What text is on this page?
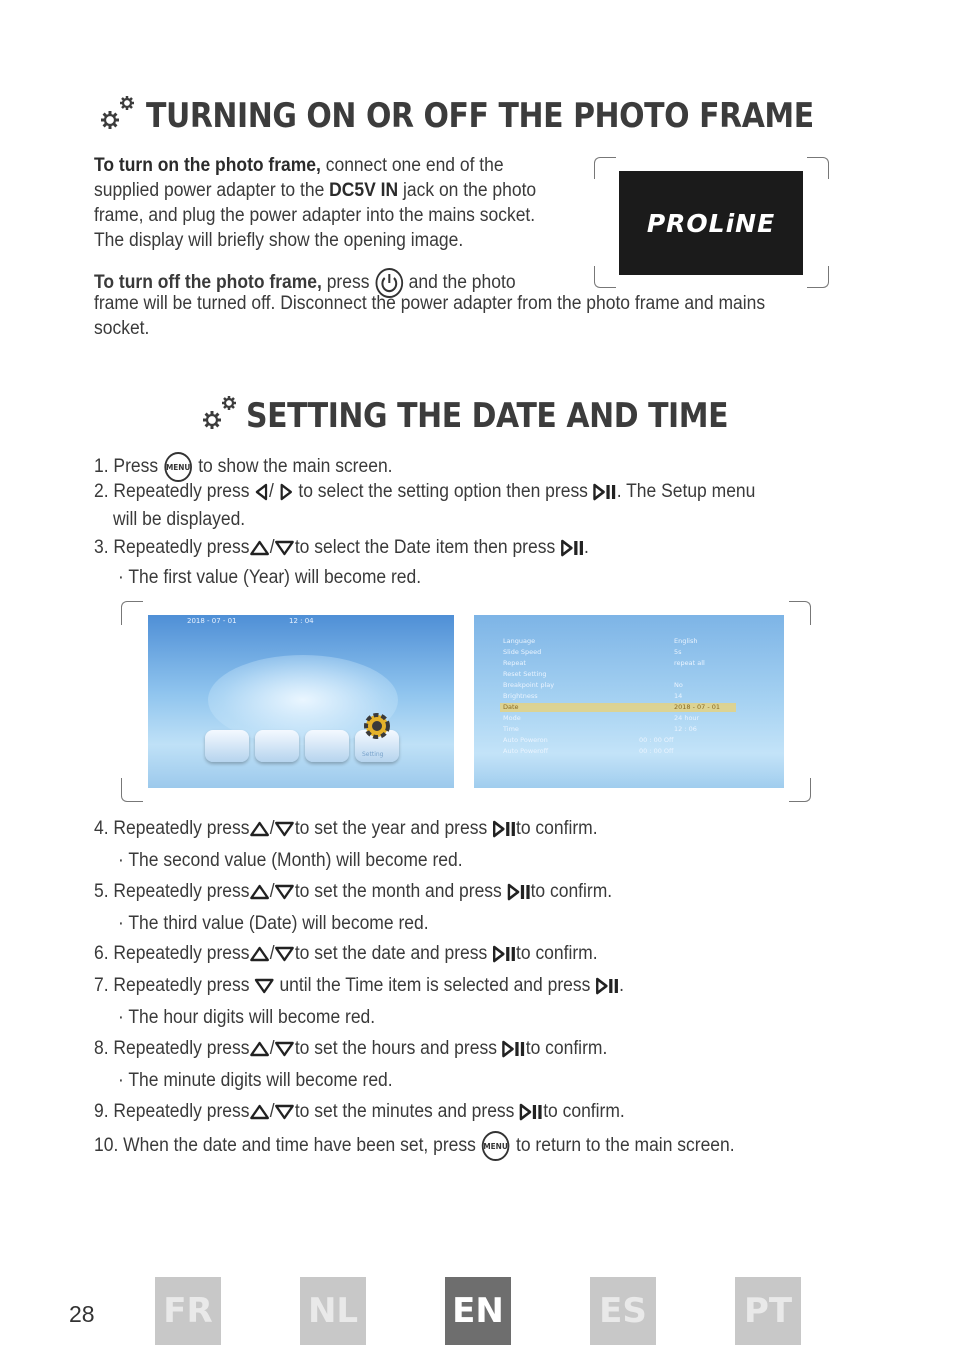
TURNING ON OR OFF THE PHOTO FRAME
To turn on the photo frame, connect one end of the supplied power adapter to the DC5V IN jack on the photo frame, and plug the power adapter into the mains socket. The display will briefly show the opening image.
To turn off the photo frame, press  and the photo
frame will be turned off. Disconnect the power adapter from the photo frame and mains
socket.
PROLiNE
SETTING THE DATE AND TIME
1. Press MENU to show the main screen.
2. Repeatedly press / to select the setting option then press . The Setup menu
will be displayed.
3. Repeatedly press / to select the Date item then press .
· The first value (Year) will become red.
2018 - 07 - 01	12 : 04
Setting
Language	English
Slide Speed	5s
Repeat	repeat all
Reset Setting
Breakpoint play	No
Brightness	14
Date	2018 - 07 - 01
Mode	24 hour
Time	12 : 06
Auto Poweron	00 : 00 Off
Auto Poweroff	00 : 00 Off
4. Repeatedly press / to set the year and press to confirm.
· The second value (Month) will become red.
5. Repeatedly press / to set the month and press to confirm.
· The third value (Date) will become red.
6. Repeatedly press / to set the date and press to confirm.
7. Repeatedly press until the Time item is selected and press .
· The hour digits will become red.
8. Repeatedly press / to set the hours and press to confirm.
· The minute digits will become red.
9. Repeatedly press / to set the minutes and press to confirm.
10. When the date and time have been set, press MENU to return to the main screen.
28 FR	NL	EN	ES	PT
